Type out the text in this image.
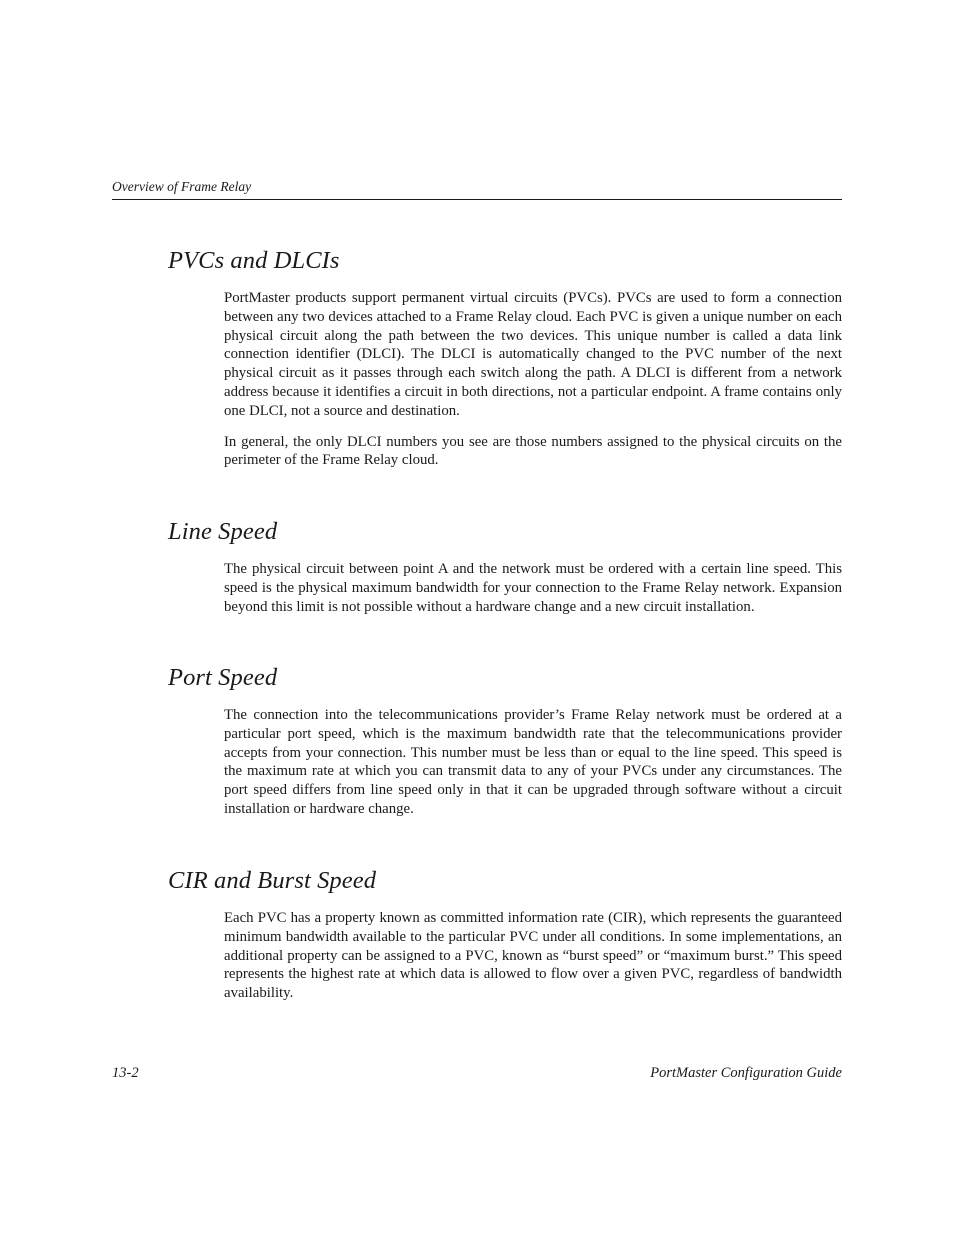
Overview of Frame Relay
PVCs and DLCIs

PortMaster products support permanent virtual circuits (PVCs). PVCs are used to form a connection between any two devices attached to a Frame Relay cloud. Each PVC is given a unique number on each physical circuit along the path between the two devices. This unique number is called a data link connection identifier (DLCI). The DLCI is automatically changed to the PVC number of the next physical circuit as it passes through each switch along the path. A DLCI is different from a network address because it identifies a circuit in both directions, not a particular endpoint. A frame contains only one DLCI, not a source and destination.

In general, the only DLCI numbers you see are those numbers assigned to the physical circuits on the perimeter of the Frame Relay cloud.

Line Speed

The physical circuit between point A and the network must be ordered with a certain line speed. This speed is the physical maximum bandwidth for your connection to the Frame Relay network. Expansion beyond this limit is not possible without a hardware change and a new circuit installation.

Port Speed

The connection into the telecommunications provider’s Frame Relay network must be ordered at a particular port speed, which is the maximum bandwidth rate that the telecommunications provider accepts from your connection. This number must be less than or equal to the line speed. This speed is the maximum rate at which you can transmit data to any of your PVCs under any circumstances. The port speed differs from line speed only in that it can be upgraded through software without a circuit installation or hardware change.

CIR and Burst Speed

Each PVC has a property known as committed information rate (CIR), which represents the guaranteed minimum bandwidth available to the particular PVC under all conditions. In some implementations, an additional property can be assigned to a PVC, known as “burst speed” or “maximum burst.” This speed represents the highest rate at which data is allowed to flow over a given PVC, regardless of bandwidth availability.

13-2	PortMaster Configuration Guide
